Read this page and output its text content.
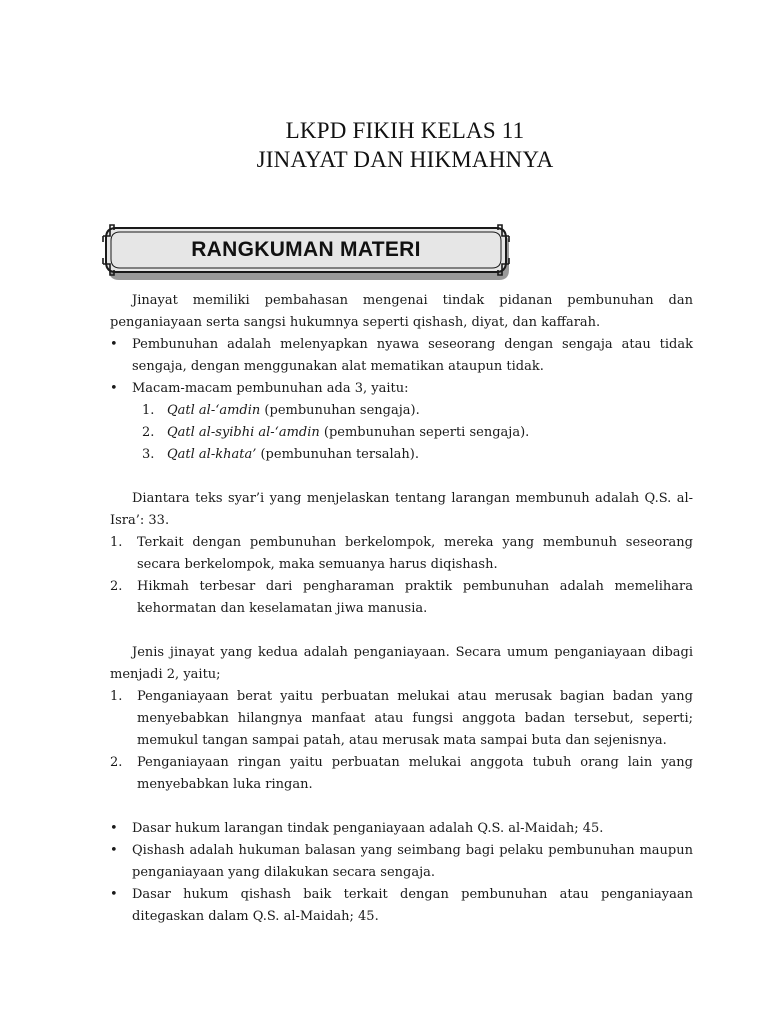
LKPD FIKIH KELAS 11
JINAYAT DAN HIKMAHNYA
RANGKUMAN MATERI
Jinayat memiliki pembahasan mengenai tindak pidanan pembunuhan dan penganiayaan serta sangsi hukumnya seperti qishash, diyat, dan kaffarah.
• Pembunuhan adalah melenyapkan nyawa seseorang dengan sengaja atau tidak sengaja, dengan menggunakan alat mematikan ataupun tidak.
• Macam-macam pembunuhan ada 3, yaitu:
1. Qatl al-‘amdin (pembunuhan sengaja).
2. Qatl al-syibhi al-‘amdin (pembunuhan seperti sengaja).
3. Qatl al-khata’ (pembunuhan tersalah).
Diantara teks syar’i yang menjelaskan tentang larangan membunuh adalah Q.S. al-Isra’: 33.
1. Terkait dengan pembunuhan berkelompok, mereka yang membunuh seseorang secara berkelompok, maka semuanya harus diqishash.
2. Hikmah terbesar dari pengharaman praktik pembunuhan adalah memelihara kehormatan dan keselamatan jiwa manusia.
Jenis jinayat yang kedua adalah penganiayaan. Secara umum penganiayaan dibagi menjadi 2, yaitu;
1. Penganiayaan berat yaitu perbuatan melukai atau merusak bagian badan yang menyebabkan hilangnya manfaat atau fungsi anggota badan tersebut, seperti; memukul tangan sampai patah, atau merusak mata sampai buta dan sejenisnya.
2. Penganiayaan ringan yaitu perbuatan melukai anggota tubuh orang lain yang menyebabkan luka ringan.
• Dasar hukum larangan tindak penganiayaan adalah Q.S. al-Maidah; 45.
• Qishash adalah hukuman balasan yang seimbang bagi pelaku pembunuhan maupun penganiayaan yang dilakukan secara sengaja.
• Dasar hukum qishash baik terkait dengan pembunuhan atau penganiayaan ditegaskan dalam Q.S. al-Maidah; 45.
